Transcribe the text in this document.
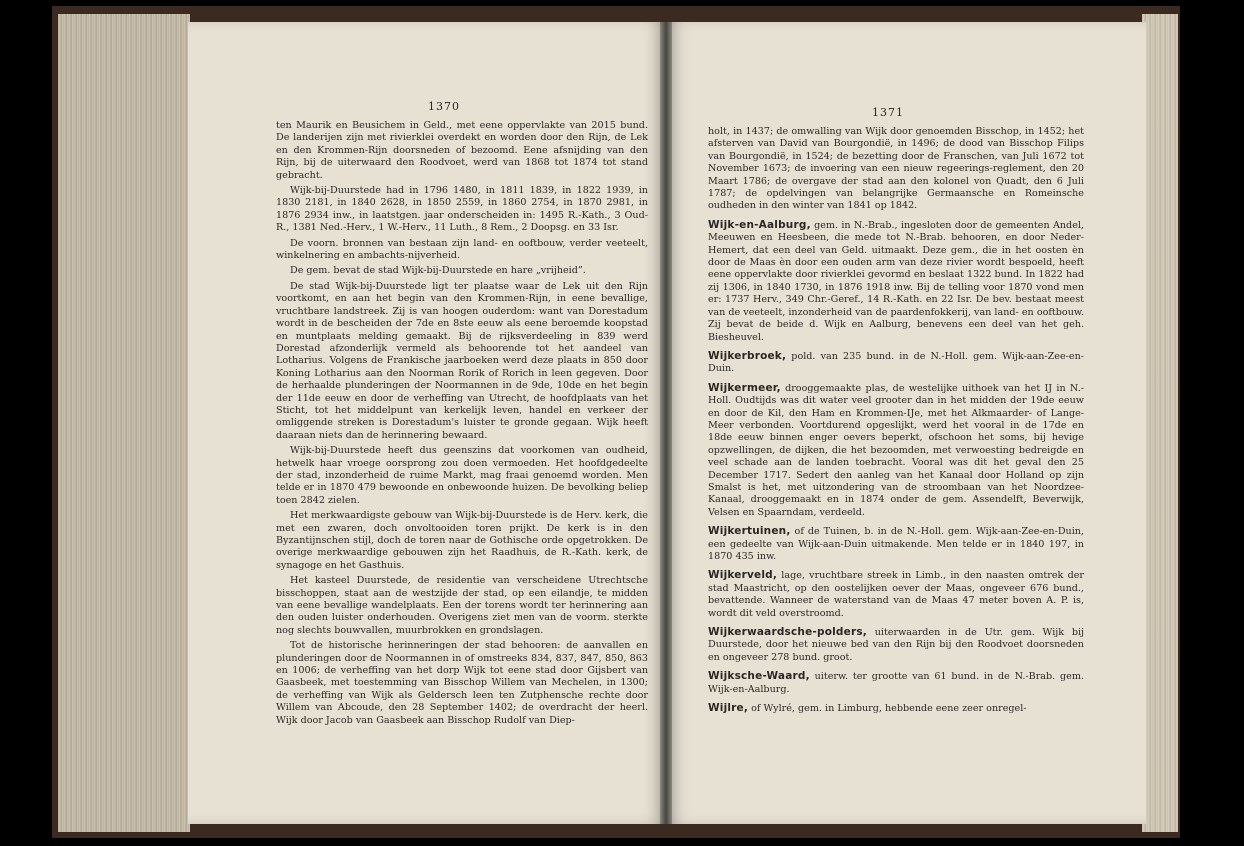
1370

ten Maurik en Beusichem in Geld., met eene oppervlakte van 2015 bund. De landerijen zijn met rivierklei overdekt en worden door den Rijn, de Lek en den Krommen-Rijn doorsneden of bezoomd. Eene afsnijding van den Rijn, bij de uiterwaard den Roodvoet, werd van 1868 tot 1874 tot stand gebracht.

Wijk-bij-Duurstede had in 1796 1480, in 1811 1839, in 1822 1939, in 1830 2181, in 1840 2628, in 1850 2559, in 1860 2754, in 1870 2981, in 1876 2934 inw., in laatstgen. jaar onderscheiden in: 1495 R.-Kath., 3 Oud-R., 1381 Ned.-Herv., 1 W.-Herv., 11 Luth., 8 Rem., 2 Doopsg. en 33 Isr.

De voorn. bronnen van bestaan zijn land- en ooftbouw, verder veeteelt, winkelnering en ambachts-nijverheid.

De gem. bevat de stad Wijk-bij-Duurstede en hare „vrijheid”.

De stad Wijk-bij-Duurstede ligt ter plaatse waar de Lek uit den Rijn voortkomt, en aan het begin van den Krommen-Rijn, in eene bevallige, vruchtbare landstreek. Zij is van hoogen ouderdom: want van Dorestadum wordt in de bescheiden der 7de en 8ste eeuw als eene beroemde koopstad en muntplaats melding gemaakt. Bij de rijksverdeeling in 839 werd Dorestad afzonderlijk vermeld als behoorende tot het aandeel van Lotharius. Volgens de Frankische jaarboeken werd deze plaats in 850 door Koning Lotharius aan den Noorman Rorik of Rorich in leen gegeven. Door de herhaalde plunderingen der Noormannen in de 9de, 10de en het begin der 11de eeuw en door de verheffing van Utrecht, de hoofdplaats van het Sticht, tot het middelpunt van kerkelijk leven, handel en verkeer der omliggende streken is Dorestadum's luister te gronde gegaan. Wijk heeft daaraan niets dan de herinnering bewaard.

Wijk-bij-Duurstede heeft dus geenszins dat voorkomen van oudheid, hetwelk haar vroege oorsprong zou doen vermoeden. Het hoofdgedeelte der stad, inzonderheid de ruime Markt, mag fraai genoemd worden. Men telde er in 1870 479 bewoonde en onbewoonde huizen. De bevolking beliep toen 2842 zielen.

Het merkwaardigste gebouw van Wijk-bij-Duurstede is de Herv. kerk, die met een zwaren, doch onvoltooiden toren prijkt. De kerk is in den Byzantijnschen stijl, doch de toren naar de Gothische orde opgetrokken. De overige merkwaardige gebouwen zijn het Raadhuis, de R.-Kath. kerk, de synagoge en het Gasthuis.

Het kasteel Duurstede, de residentie van verscheidene Utrechtsche bisschoppen, staat aan de westzijde der stad, op een eilandje, te midden van eene bevallige wandelplaats. Een der torens wordt ter herinnering aan den ouden luister onderhouden. Overigens ziet men van de voorm. sterkte nog slechts bouwvallen, muurbrokken en grondslagen.

Tot de historische herinneringen der stad behooren: de aanvallen en plunderingen door de Noormannen in of omstreeks 834, 837, 847, 850, 863 en 1006; de verheffing van het dorp Wijk tot eene stad door Gijsbert van Gaasbeek, met toestemming van Bisschop Willem van Mechelen, in 1300; de verheffing van Wijk als Geldersch leen ten Zutphensche rechte door Willem van Abcoude, den 28 September 1402; de overdracht der heerl. Wijk door Jacob van Gaasbeek aan Bisschop Rudolf van Diep-

1371

holt, in 1437; de omwalling van Wijk door genoemden Bisschop, in 1452; het afsterven van David van Bourgondië, in 1496; de dood van Bisschop Filips van Bourgondië, in 1524; de bezetting door de Franschen, van Juli 1672 tot November 1673; de invoering van een nieuw regeerings-reglement, den 20 Maart 1786; de overgave der stad aan den kolonel von Quadt, den 6 Juli 1787; de opdelvingen van belangrijke Germaansche en Romeinsche oudheden in den winter van 1841 op 1842.

Wijk-en-Aalburg, gem. in N.-Brab., ingesloten door de gemeenten Andel, Meeuwen en Heesbeen, die mede tot N.-Brab. behooren, en door Neder-Hemert, dat een deel van Geld. uitmaakt. Deze gem., die in het oosten èn door de Maas èn door een ouden arm van deze rivier wordt bespoeld, heeft eene oppervlakte door rivierklei gevormd en beslaat 1322 bund. In 1822 had zij 1306, in 1840 1730, in 1876 1918 inw. Bij de telling voor 1870 vond men er: 1737 Herv., 349 Chr.-Geref., 14 R.-Kath. en 22 Isr. De bev. bestaat meest van de veeteelt, inzonderheid van de paardenfokkerij, van land- en ooftbouw. Zij bevat de beide d. Wijk en Aalburg, benevens een deel van het geh. Biesheuvel.

Wijkerbroek, pold. van 235 bund. in de N.-Holl. gem. Wijk-aan-Zee-en-Duin.

Wijkermeer, drooggemaakte plas, de westelijke uithoek van het IJ in N.-Holl. Oudtijds was dit water veel grooter dan in het midden der 19de eeuw en door de Kil, den Ham en Krommen-IJe, met het Alkmaarder- of Lange-Meer verbonden. Voortdurend opgeslijkt, werd het vooral in de 17de en 18de eeuw binnen enger oevers beperkt, ofschoon het soms, bij hevige opzwellingen, de dijken, die het bezoomden, met verwoesting bedreigde en veel schade aan de landen toebracht. Vooral was dit het geval den 25 December 1717. Sedert den aanleg van het Kanaal door Holland op zijn Smalst is het, met uitzondering van de stroombaan van het Noordzee-Kanaal, drooggemaakt en in 1874 onder de gem. Assendelft, Beverwijk, Velsen en Spaarndam, verdeeld.

Wijkertuinen, of de Tuinen, b. in de N.-Holl. gem. Wijk-aan-Zee-en-Duin, een gedeelte van Wijk-aan-Duin uitmakende. Men telde er in 1840 197, in 1870 435 inw.

Wijkerveld, lage, vruchtbare streek in Limb., in den naasten omtrek der stad Maastricht, op den oostelijken oever der Maas, ongeveer 676 bund., bevattende. Wanneer de waterstand van de Maas 47 meter boven A. P. is, wordt dit veld overstroomd.

Wijkerwaardsche-polders, uiterwaarden in de Utr. gem. Wijk bij Duurstede, door het nieuwe bed van den Rijn bij den Roodvoet doorsneden en ongeveer 278 bund. groot.

Wijksche-Waard, uiterw. ter grootte van 61 bund. in de N.-Brab. gem. Wijk-en-Aalburg.

Wijlre, of Wylré, gem. in Limburg, hebbende eene zeer onregel-
